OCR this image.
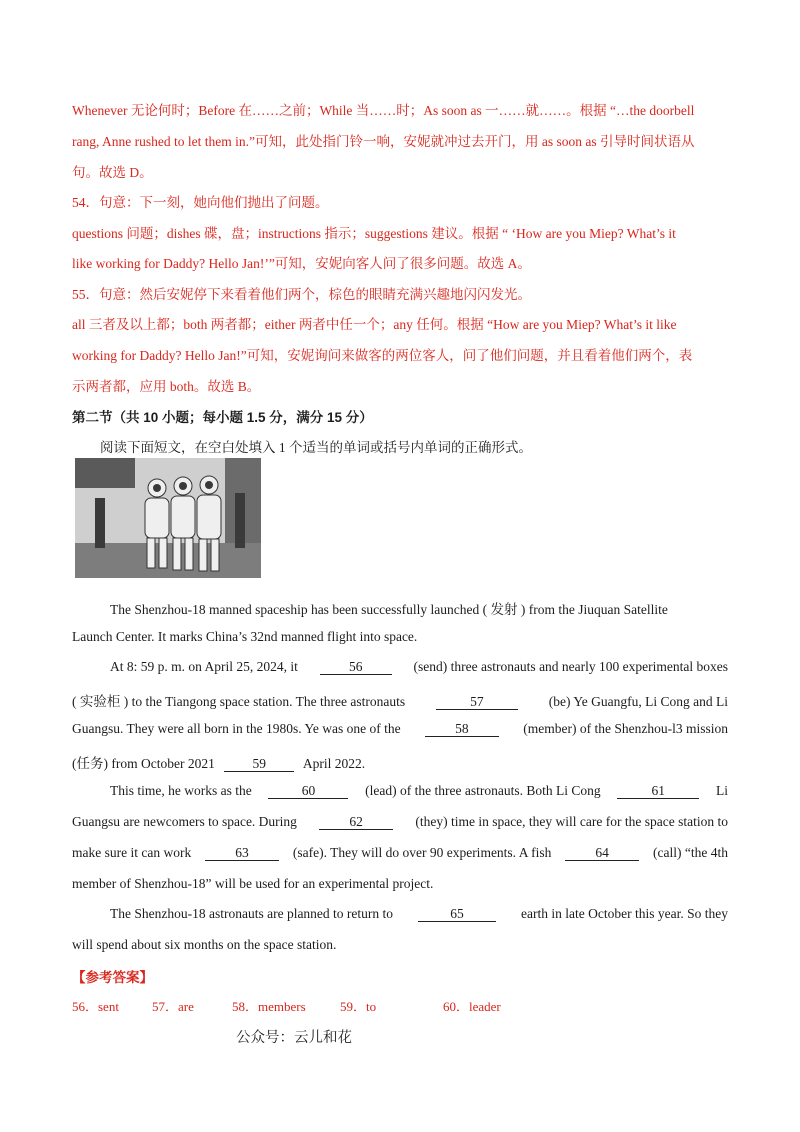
Whenever 无论何时；Before 在……之前；While 当……时；As soon as 一……就……。根据 “…the doorbell
rang, Anne rushed to let them in.”可知，此处指门铃一响，安妮就冲过去开门，用 as soon as 引导时间状语从
句。故选 D。
54．句意：下一刻，她向他们抛出了问题。
questions 问题；dishes 碟，盘；instructions 指示；suggestions 建议。根据 “ ‘How are you Miep? What’s it
like working for Daddy? Hello Jan!’”可知，安妮向客人问了很多问题。故选 A。
55．句意：然后安妮停下来看着他们两个，棕色的眼睛充满兴趣地闪闪发光。
all 三者及以上都；both 两者都；either 两者中任一个；any 任何。根据 “How are you Miep? What’s it like
working for Daddy? Hello Jan!”可知，安妮询问来做客的两位客人，问了他们问题，并且看着他们两个，表
示两者都，应用 both。故选 B。
第二节（共 10 小题；每小题 1.5 分，满分 15 分）
阅读下面短文，在空白处填入 1 个适当的单词或括号内单词的正确形式。
The Shenzhou-18 manned spaceship has been successfully launched ( 发射 ) from the Jiuquan Satellite
Launch Center. It marks China’s 32nd manned flight into space.
At 8: 59 p. m. on April 25, 2024, it	56	(send) three astronauts and nearly 100 experimental boxes
( 实验柜 ) to the Tiangong space station. The three astronauts	57	(be) Ye Guangfu, Li Cong and Li
Guangsu. They were all born in the 1980s. Ye was one of the	58	(member) of the Shenzhou-l3 mission
(任务) from October 2021	59	April 2022.
This time, he works as the	60	(lead) of the three astronauts. Both Li Cong	61	Li
Guangsu are newcomers to space. During	62	(they) time in space, they will care for the space station to
make sure it can work	63	(safe). They will do over 90 experiments. A fish	64	(call) “the 4th
member of Shenzhou-18” will be used for an experimental project.
The Shenzhou-18 astronauts are planned to return to	65	earth in late October this year. So they
will spend about six months on the space station.
【参考答案】
56．sent	57．are	58．members	59．to	60．leader
公众号：云儿和花
